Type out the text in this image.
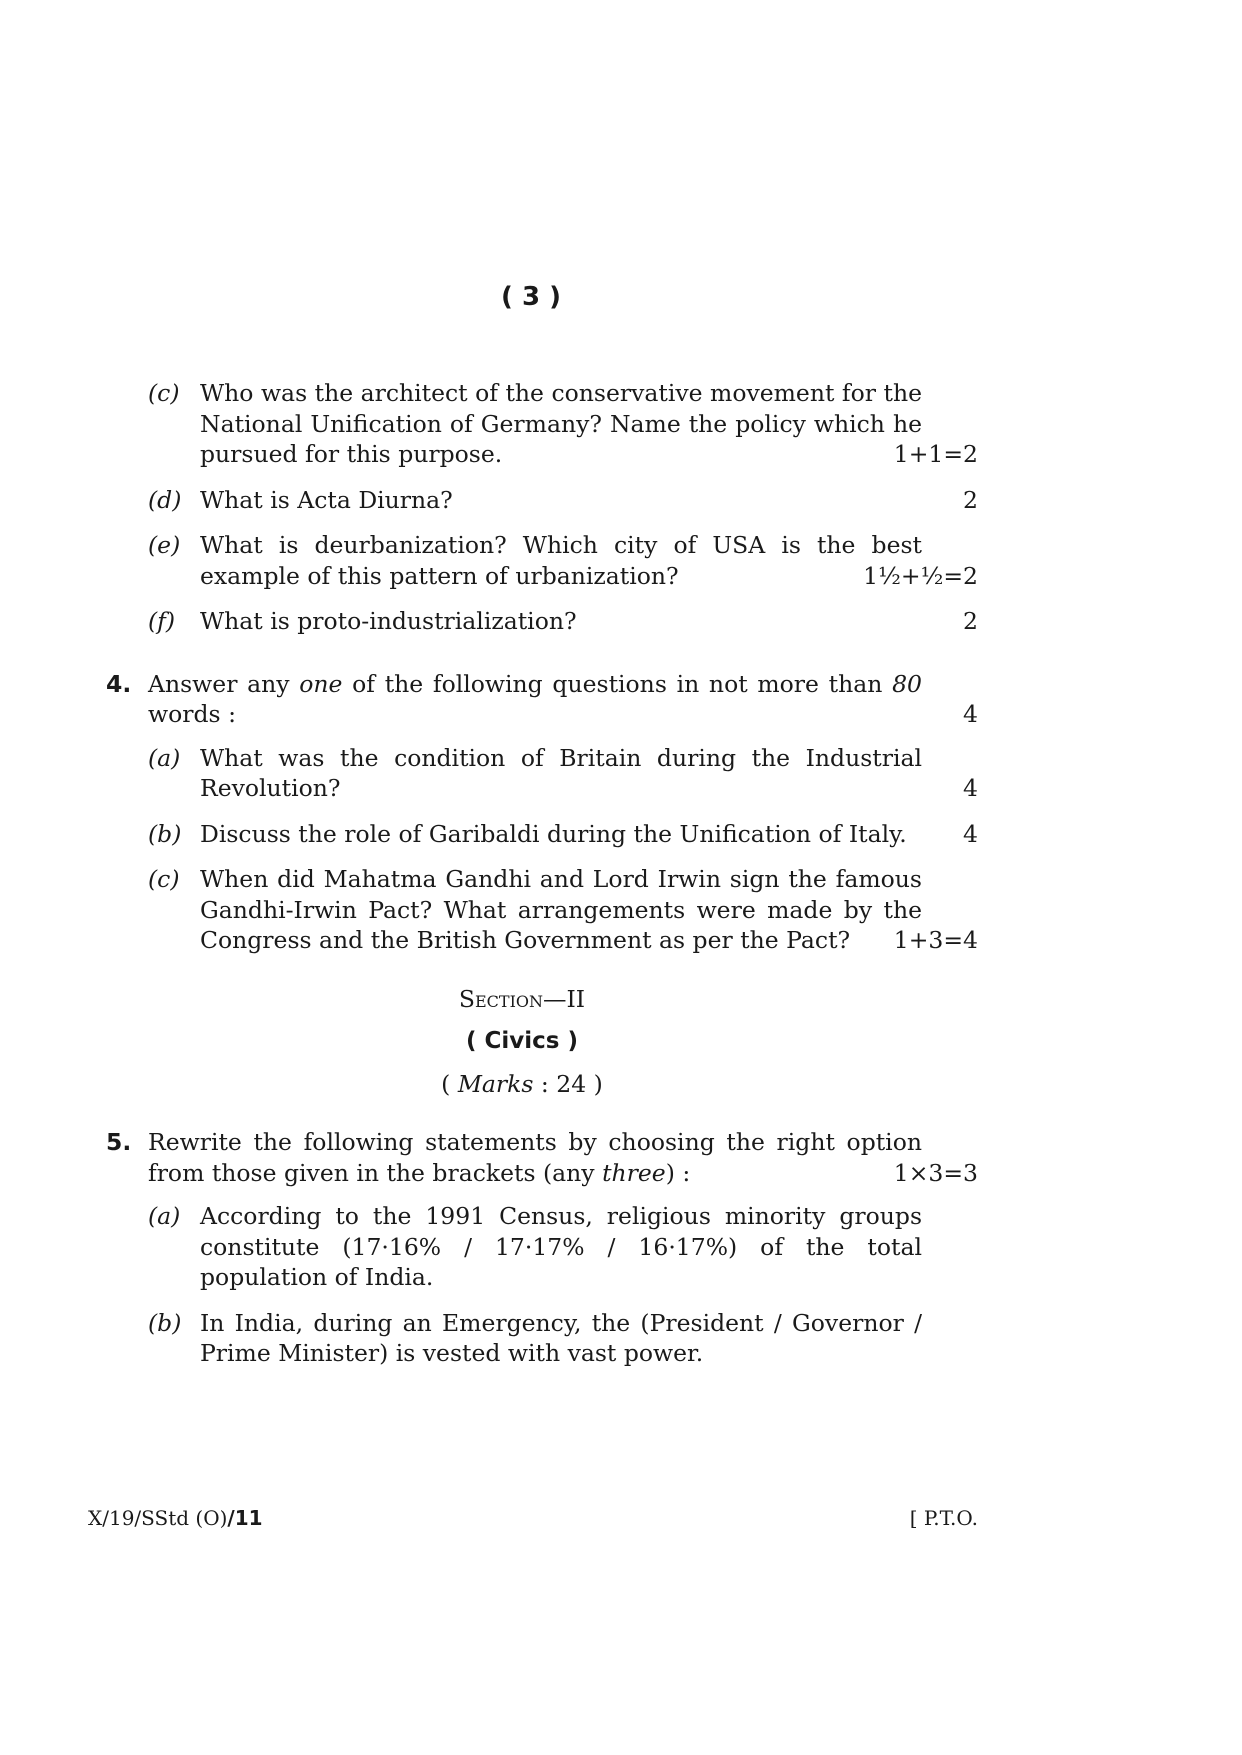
( 3 )
(c) Who was the architect of the conservative movement for the National Unification of Germany? Name the policy which he pursued for this purpose.	1+1=2
(d) What is Acta Diurna?	2
(e) What is deurbanization? Which city of USA is the best example of this pattern of urbanization?	1½+½=2
(f) What is proto-industrialization?	2
4. Answer any one of the following questions in not more than 80 words :	4
(a) What was the condition of Britain during the Industrial Revolution?	4
(b) Discuss the role of Garibaldi during the Unification of Italy. 4
(c) When did Mahatma Gandhi and Lord Irwin sign the famous Gandhi-Irwin Pact? What arrangements were made by the Congress and the British Government as per the Pact? 1+3=4
Section—II
( Civics )
( Marks : 24 )
5. Rewrite the following statements by choosing the right option from those given in the brackets (any three) :	1×3=3
(a) According to the 1991 Census, religious minority groups constitute (17·16% / 17·17% / 16·17%) of the total population of India.
(b) In India, during an Emergency, the (President / Governor / Prime Minister) is vested with vast power.
X/19/SStd (O)/11	[ P.T.O.
